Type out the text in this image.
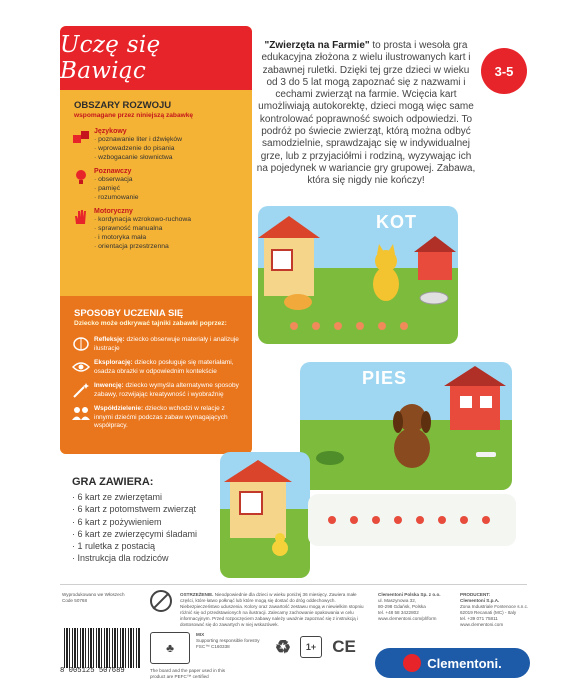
Uczę się Bawiąc
OBSZARY ROZWOJU
wspomagane przez niniejszą zabawkę
Językowy
· poznawanie liter i dźwięków
· wprowadzenie do pisania
· wzbogacanie słownictwa
Poznawczy
· obserwacja
· pamięć
· rozumowanie
Motoryczny
· kordynacja wzrokowo-ruchowa
· sprawność manualna
· i motoryka mała
· orientacja przestrzenna
SPOSOBY UCZENIA SIĘ
Dziecko może odkrywać tajniki zabawki poprzez:

Refleksję: dziecko obserwuje materiały i analizuje ilustracje

Eksplorację: dziecko posługuje się materiałami, osadza obrazki w odpowiednim kontekście

Inwencję: dziecko wymyśla alternatywne sposoby zabawy, rozwijając kreatywność i wyobraźnię

Współdzielenie: dziecko wchodzi w relacje z innymi dziećmi podczas zabaw wymagających współpracy.

"Zwierzęta na Farmie" to prosta i wesoła gra edukacyjna złożona z wielu ilustrowanych kart i zabawnej ruletki. Dzięki tej grze dzieci w wieku od 3 do 5 lat mogą zapoznać się z nazwami i cechami zwierząt na farmie. Wcięcia kart umożliwiają autokorektę, dzieci mogą więc same kontrolować poprawność swoich odpowiedzi. To podróż po świecie zwierząt, którą można odbyć samodzielnie, sprawdzając się w indywidualnej grze, lub z przyjaciółmi i rodziną, wyzywając ich na pojedynek w wariancie gry grupowej. Zabawa, która się nigdy nie kończy!
3-5
KOT
PIES
GRA ZAWIERA:
· 6 kart ze zwierzętami
· 6 kart z potomstwem zwierząt
· 6 kart z pożywieniem
· 6 kart ze zwierzęcymi śladami
· 1 ruletka z postacią
· Instrukcja dla rodziców
Wyprodukowano we Włoszech
Code 50768
OSTRZEŻENIE. Nieodpowiednie dla dzieci w wieku poniżej 36 miesięcy. Zawiera małe części, które łatwo połknąć lub które mogą się dostać do dróg oddechowych. Niebezpieczeństwo uduszenia. Kolory oraz zawartość zestawu mogą w niewielkim stopniu różnić się od przedstawionych na ilustracji. Zalecamy zachowanie opakowania w celu informacyjnym. Przed rozpoczęciem zabawy należy uważnie zapoznać się z instrukcją i dostosować się do zawartych w niej wskazówek.
Clementoni Polska Sp. z o.o.
ul. Maszynowa 32,
80-298 Gdańsk, Polska
tel. +48 58 3422802
www.clementoni.com/pl/form
PRODUCENT:
Clementoni S.p.A.
Zona Industriale Fontenoce s.n.c.
62019 Recanati (MC) - Italy
tel. +39 071 75811
www.clementoni.com
8 005125 507689
♣
MIX
Supporting responsible forestry
FSC™ C160338
The board and the paper used in this product are PEFC™ certified
♻	1+ CE
Clementoni.
